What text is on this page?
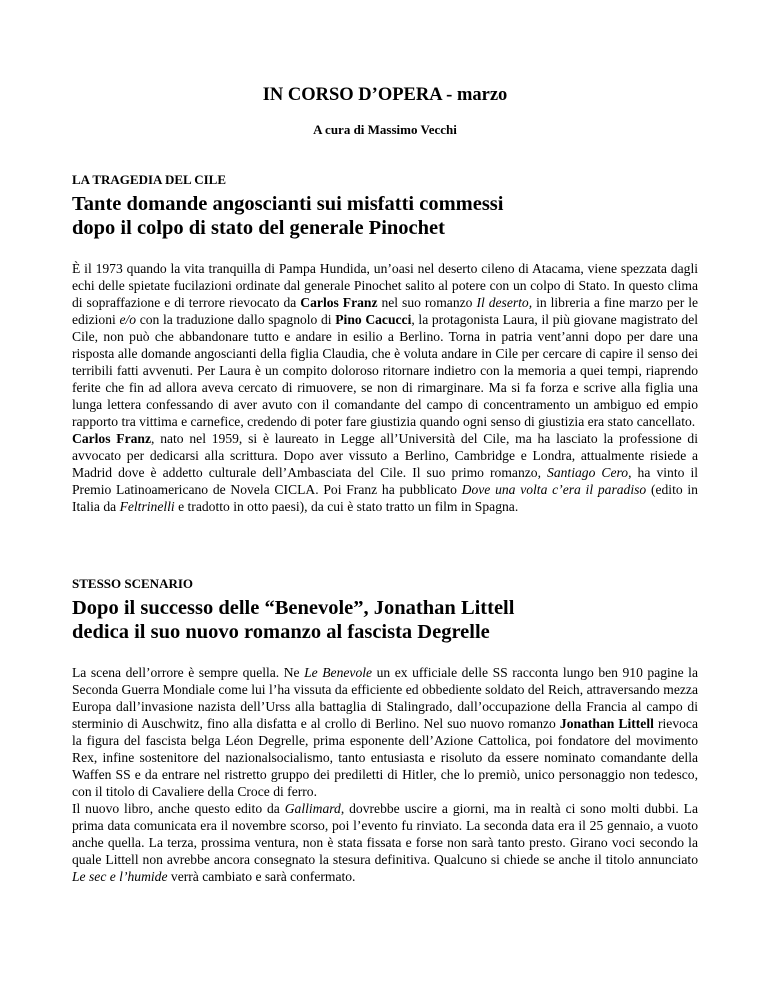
IN CORSO D’OPERA - marzo
A cura di Massimo Vecchi
LA TRAGEDIA DEL CILE
Tante domande angoscianti sui misfatti commessi
dopo il colpo di stato del generale Pinochet

È il 1973 quando la vita tranquilla di Pampa Hundida, un’oasi nel deserto cileno di Atacama, viene spezzata dagli echi delle spietate fucilazioni ordinate dal generale Pinochet salito al potere con un colpo di Stato. In questo clima di sopraffazione e di terrore rievocato da Carlos Franz nel suo romanzo Il deserto, in libreria a fine marzo per le edizioni e/o con la traduzione dallo spagnolo di Pino Cacucci, la protagonista Laura, il più giovane magistrato del Cile, non può che abbandonare tutto e andare in esilio a Berlino. Torna in patria vent’anni dopo per dare una risposta alle domande angoscianti della figlia Claudia, che è voluta andare in Cile per cercare di capire il senso dei terribili fatti avvenuti. Per Laura è un compito doloroso ritornare indietro con la memoria a quei tempi, riaprendo ferite che fin ad allora aveva cercato di rimuovere, se non di rimarginare. Ma si fa forza e scrive alla figlia una lunga lettera confessando di aver avuto con il comandante del campo di concentramento un ambiguo ed empio rapporto tra vittima e carnefice, credendo di poter fare giustizia quando ogni senso di giustizia era stato cancellato.

Carlos Franz, nato nel 1959, si è laureato in Legge all’Università del Cile, ma ha lasciato la professione di avvocato per dedicarsi alla scrittura. Dopo aver vissuto a Berlino, Cambridge e Londra, attualmente risiede a Madrid dove è addetto culturale dell’Ambasciata del Cile. Il suo primo romanzo, Santiago Cero, ha vinto il Premio Latinoamericano de Novela CICLA. Poi Franz ha pubblicato Dove una volta c’era il paradiso (edito in Italia da Feltrinelli e tradotto in otto paesi), da cui è stato tratto un film in Spagna.

STESSO SCENARIO
Dopo il successo delle “Benevole”, Jonathan Littell
dedica il suo nuovo romanzo al fascista Degrelle

La scena dell’orrore è sempre quella. Ne Le Benevole un ex ufficiale delle SS racconta lungo ben 910 pagine la Seconda Guerra Mondiale come lui l’ha vissuta da efficiente ed obbediente soldato del Reich, attraversando mezza Europa dall’invasione nazista dell’Urss alla battaglia di Stalingrado, dall’occupazione della Francia al campo di sterminio di Auschwitz, fino alla disfatta e al crollo di Berlino. Nel suo nuovo romanzo Jonathan Littell rievoca la figura del fascista belga Léon Degrelle, prima esponente dell’Azione Cattolica, poi fondatore del movimento Rex, infine sostenitore del nazionalsocialismo, tanto entusiasta e risoluto da essere nominato comandante della Waffen SS e da entrare nel ristretto gruppo dei prediletti di Hitler, che lo premiò, unico personaggio non tedesco, con il titolo di Cavaliere della Croce di ferro.

Il nuovo libro, anche questo edito da Gallimard, dovrebbe uscire a giorni, ma in realtà ci sono molti dubbi. La prima data comunicata era il novembre scorso, poi l’evento fu rinviato. La seconda data era il 25 gennaio, a vuoto anche quella. La terza, prossima ventura, non è stata fissata e forse non sarà tanto presto. Girano voci secondo la quale Littell non avrebbe ancora consegnato la stesura definitiva. Qualcuno si chiede se anche il titolo annunciato Le sec e l’humide verrà cambiato e sarà confermato.
